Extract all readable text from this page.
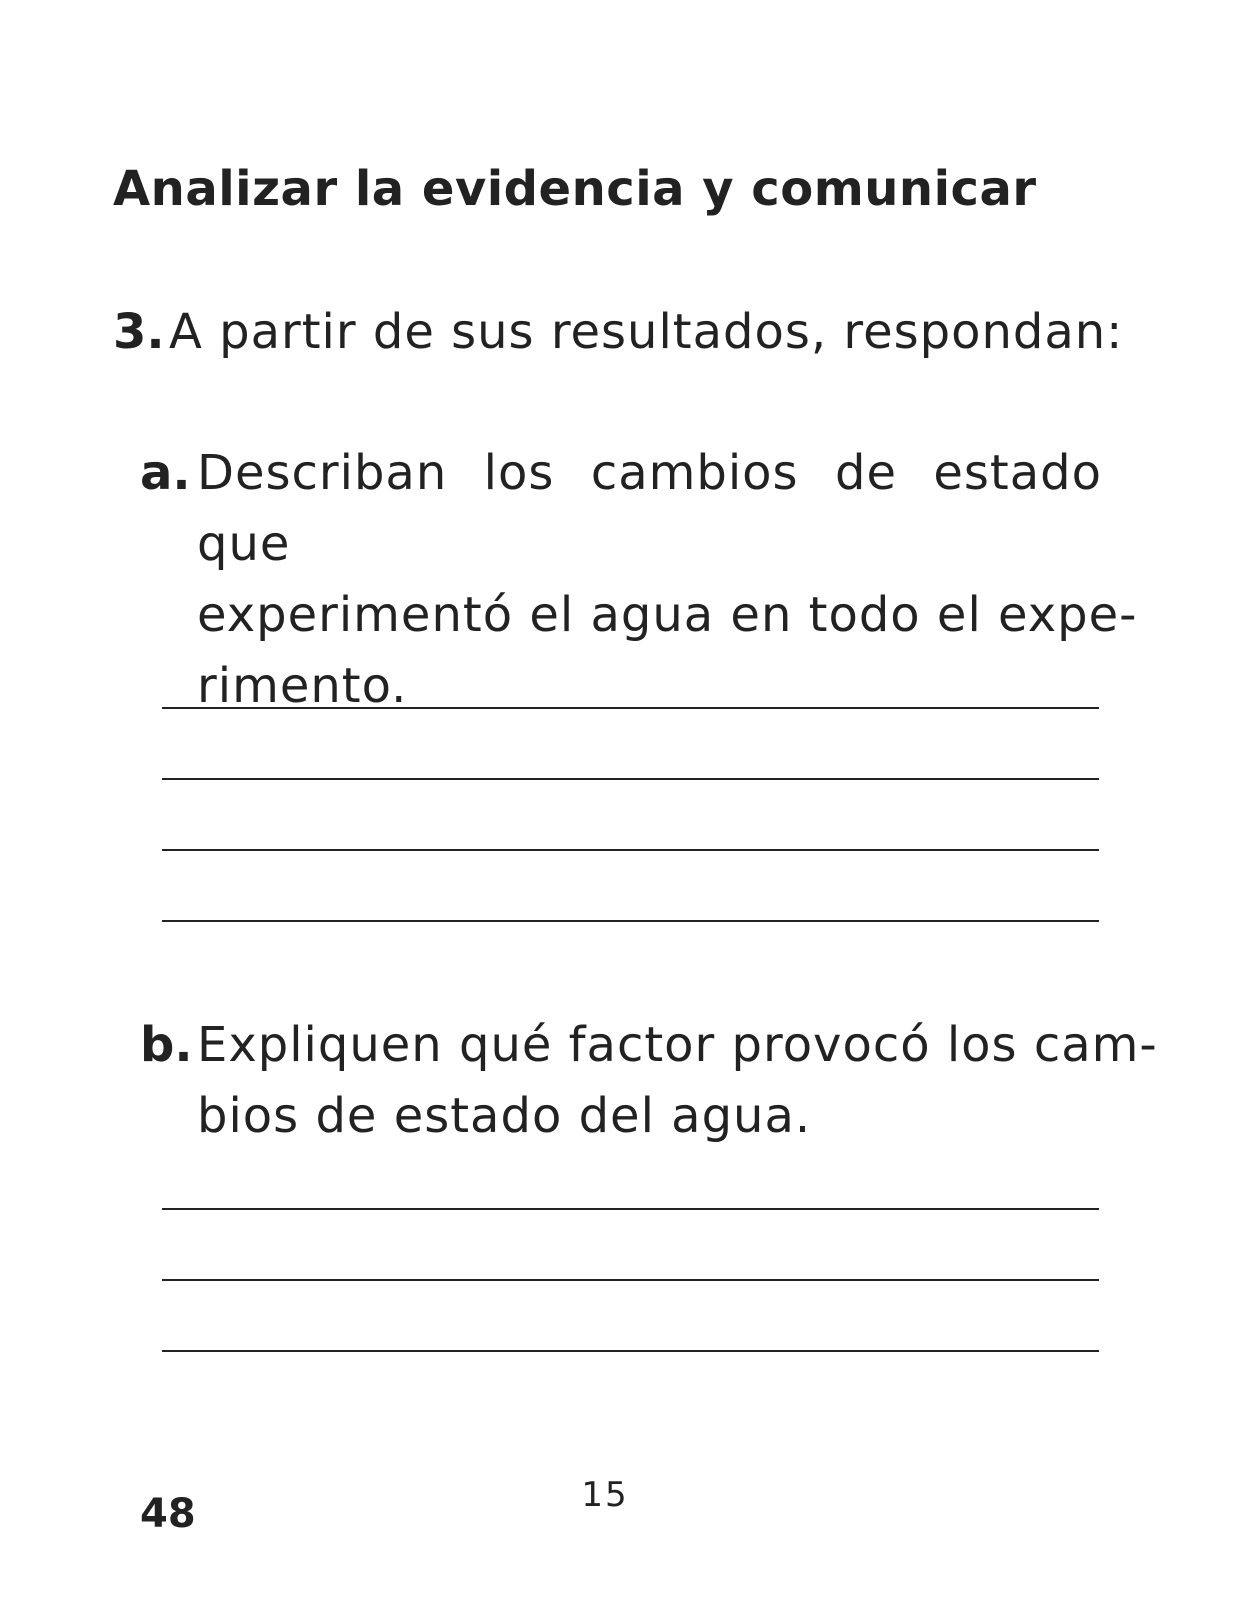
Analizar la evidencia y comunicar
3.A partir de sus resultados, respondan:
a. Describan los cambios de estado que
experimentó el agua en todo el expe-
rimento.
b. Expliquen qué factor provocó los cam-
bios de estado del agua.
48	15
